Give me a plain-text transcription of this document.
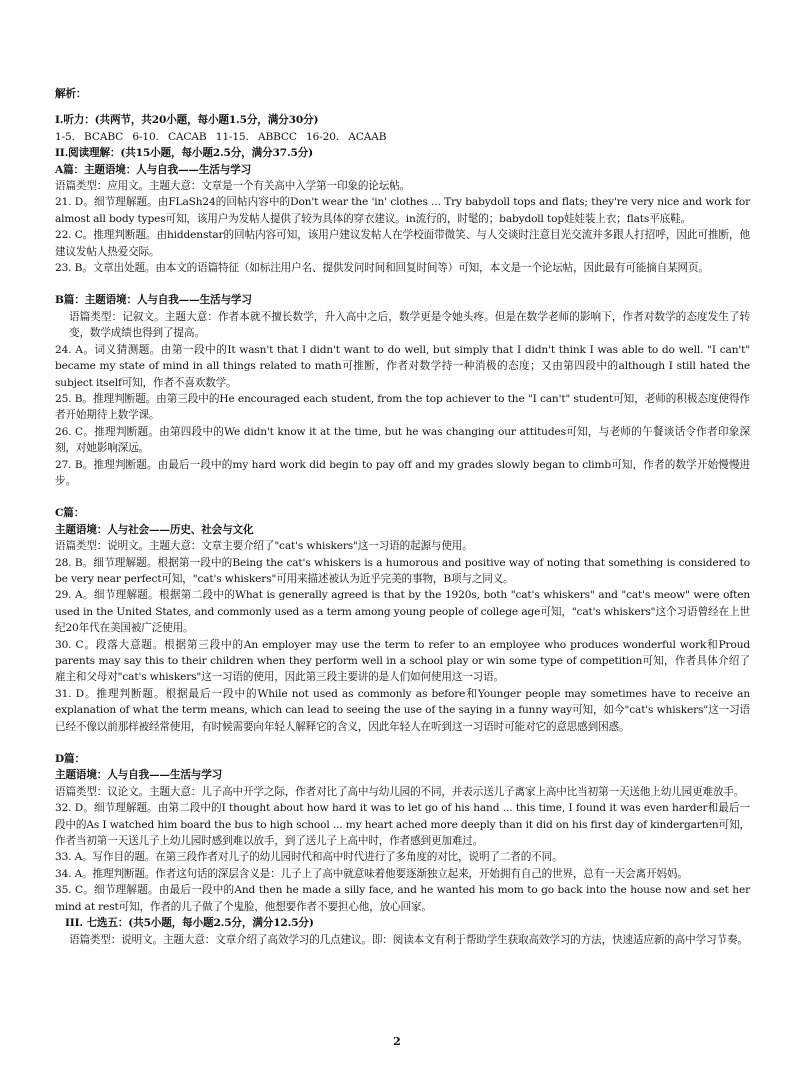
解析：

I.听力：(共两节，共20小题，每小题1.5分，满分30分)

1-5. BCABC 6-10. CACAB 11-15. ABBCC 16-20. ACAAB

II.阅读理解：(共15小题，每小题2.5分，满分37.5分)

A篇：主题语境：人与自我——生活与学习

语篇类型：应用文。主题大意：文章是一个有关高中入学第一印象的论坛帖。

21. D。细节理解题。由FLaSh24的回帖内容中的Don't wear the 'in' clothes ... Try babydoll tops and flats; they're very nice and work for almost all body types可知，该用户为发帖人提供了较为具体的穿衣建议。in流行的，时髦的；babydoll top娃娃装上衣；flats平底鞋。

22. C。推理判断题。由hiddenstar的回帖内容可知，该用户建议发帖人在学校面带微笑、与人交谈时注意目光交流并多跟人打招呼，因此可推断，他建议发帖人热爱交际。

23. B。文章出处题。由本文的语篇特征（如标注用户名、提供发问时间和回复时间等）可知，本文是一个论坛帖，因此最有可能摘自某网页。

B篇：主题语境：人与自我——生活与学习

语篇类型：记叙文。主题大意：作者本就不擅长数学，升入高中之后，数学更是令她头疼。但是在数学老师的影响下，作者对数学的态度发生了转变，数学成绩也得到了提高。

24. A。词义猜测题。由第一段中的It wasn't that I didn't want to do well, but simply that I didn't think I was able to do well. "I can't" became my state of mind in all things related to math可推断，作者对数学持一种消极的态度；又由第四段中的although I still hated the subject itself可知，作者不喜欢数学。

25. B。推理判断题。由第三段中的He encouraged each student, from the top achiever to the "I can't" student可知，老师的积极态度使得作者开始期待上数学课。

26. C。推理判断题。由第四段中的We didn't know it at the time, but he was changing our attitudes可知，与老师的午餐谈话令作者印象深刻，对她影响深远。

27. B。推理判断题。由最后一段中的my hard work did begin to pay off and my grades slowly began to climb可知，作者的数学开始慢慢进步。

C篇：

主题语境：人与社会——历史、社会与文化

语篇类型：说明文。主题大意：文章主要介绍了"cat's whiskers"这一习语的起源与使用。

28. B。细节理解题。根据第一段中的Being the cat's whiskers is a humorous and positive way of noting that something is considered to be very near perfect可知，"cat's whiskers"可用来描述被认为近乎完美的事物，B项与之同义。

29. A。细节理解题。根据第二段中的What is generally agreed is that by the 1920s, both "cat's whiskers" and "cat's meow" were often used in the United States, and commonly used as a term among young people of college age可知，"cat's whiskers"这个习语曾经在上世纪20年代在美国被广泛使用。

30. C。段落大意题。根据第三段中的An employer may use the term to refer to an employee who produces wonderful work和Proud parents may say this to their children when they perform well in a school play or win some type of competition可知，作者具体介绍了雇主和父母对"cat's whiskers"这一习语的使用，因此第三段主要讲的是人们如何使用这一习语。

31. D。推理判断题。根据最后一段中的While not used as commonly as before和Younger people may sometimes have to receive an explanation of what the term means, which can lead to seeing the use of the saying in a funny way可知，如今"cat's whiskers"这一习语已经不像以前那样被经常使用，有时候需要向年轻人解释它的含义，因此年轻人在听到这一习语时可能对它的意思感到困惑。

D篇：

主题语境：人与自我——生活与学习

语篇类型：议论文。主题大意：儿子高中开学之际，作者对比了高中与幼儿园的不同，并表示送儿子离家上高中比当初第一天送他上幼儿园更难放手。

32. D。细节理解题。由第二段中的I thought about how hard it was to let go of his hand ... this time, I found it was even harder和最后一段中的As I watched him board the bus to high school ... my heart ached more deeply than it did on his first day of kindergarten可知，作者当初第一天送儿子上幼儿园时感到难以放手，到了送儿子上高中时，作者感到更加难过。

33. A。写作目的题。在第三段作者对儿子的幼儿园时代和高中时代进行了多角度的对比，说明了二者的不同。

34. A。推理判断题。作者这句话的深层含义是：儿子上了高中就意味着他要逐渐独立起来，开始拥有自己的世界，总有一天会离开妈妈。

35. C。细节理解题。由最后一段中的And then he made a silly face, and he wanted his mom to go back into the house now and set her mind at rest可知，作者的儿子做了个鬼脸，他想要作者不要担心他，放心回家。

III. 七选五：(共5小题，每小题2.5分，满分12.5分)

语篇类型：说明文。主题大意：文章介绍了高效学习的几点建议。即：阅读本文有利于帮助学生获取高效学习的方法，快速适应新的高中学习节奏。

2
